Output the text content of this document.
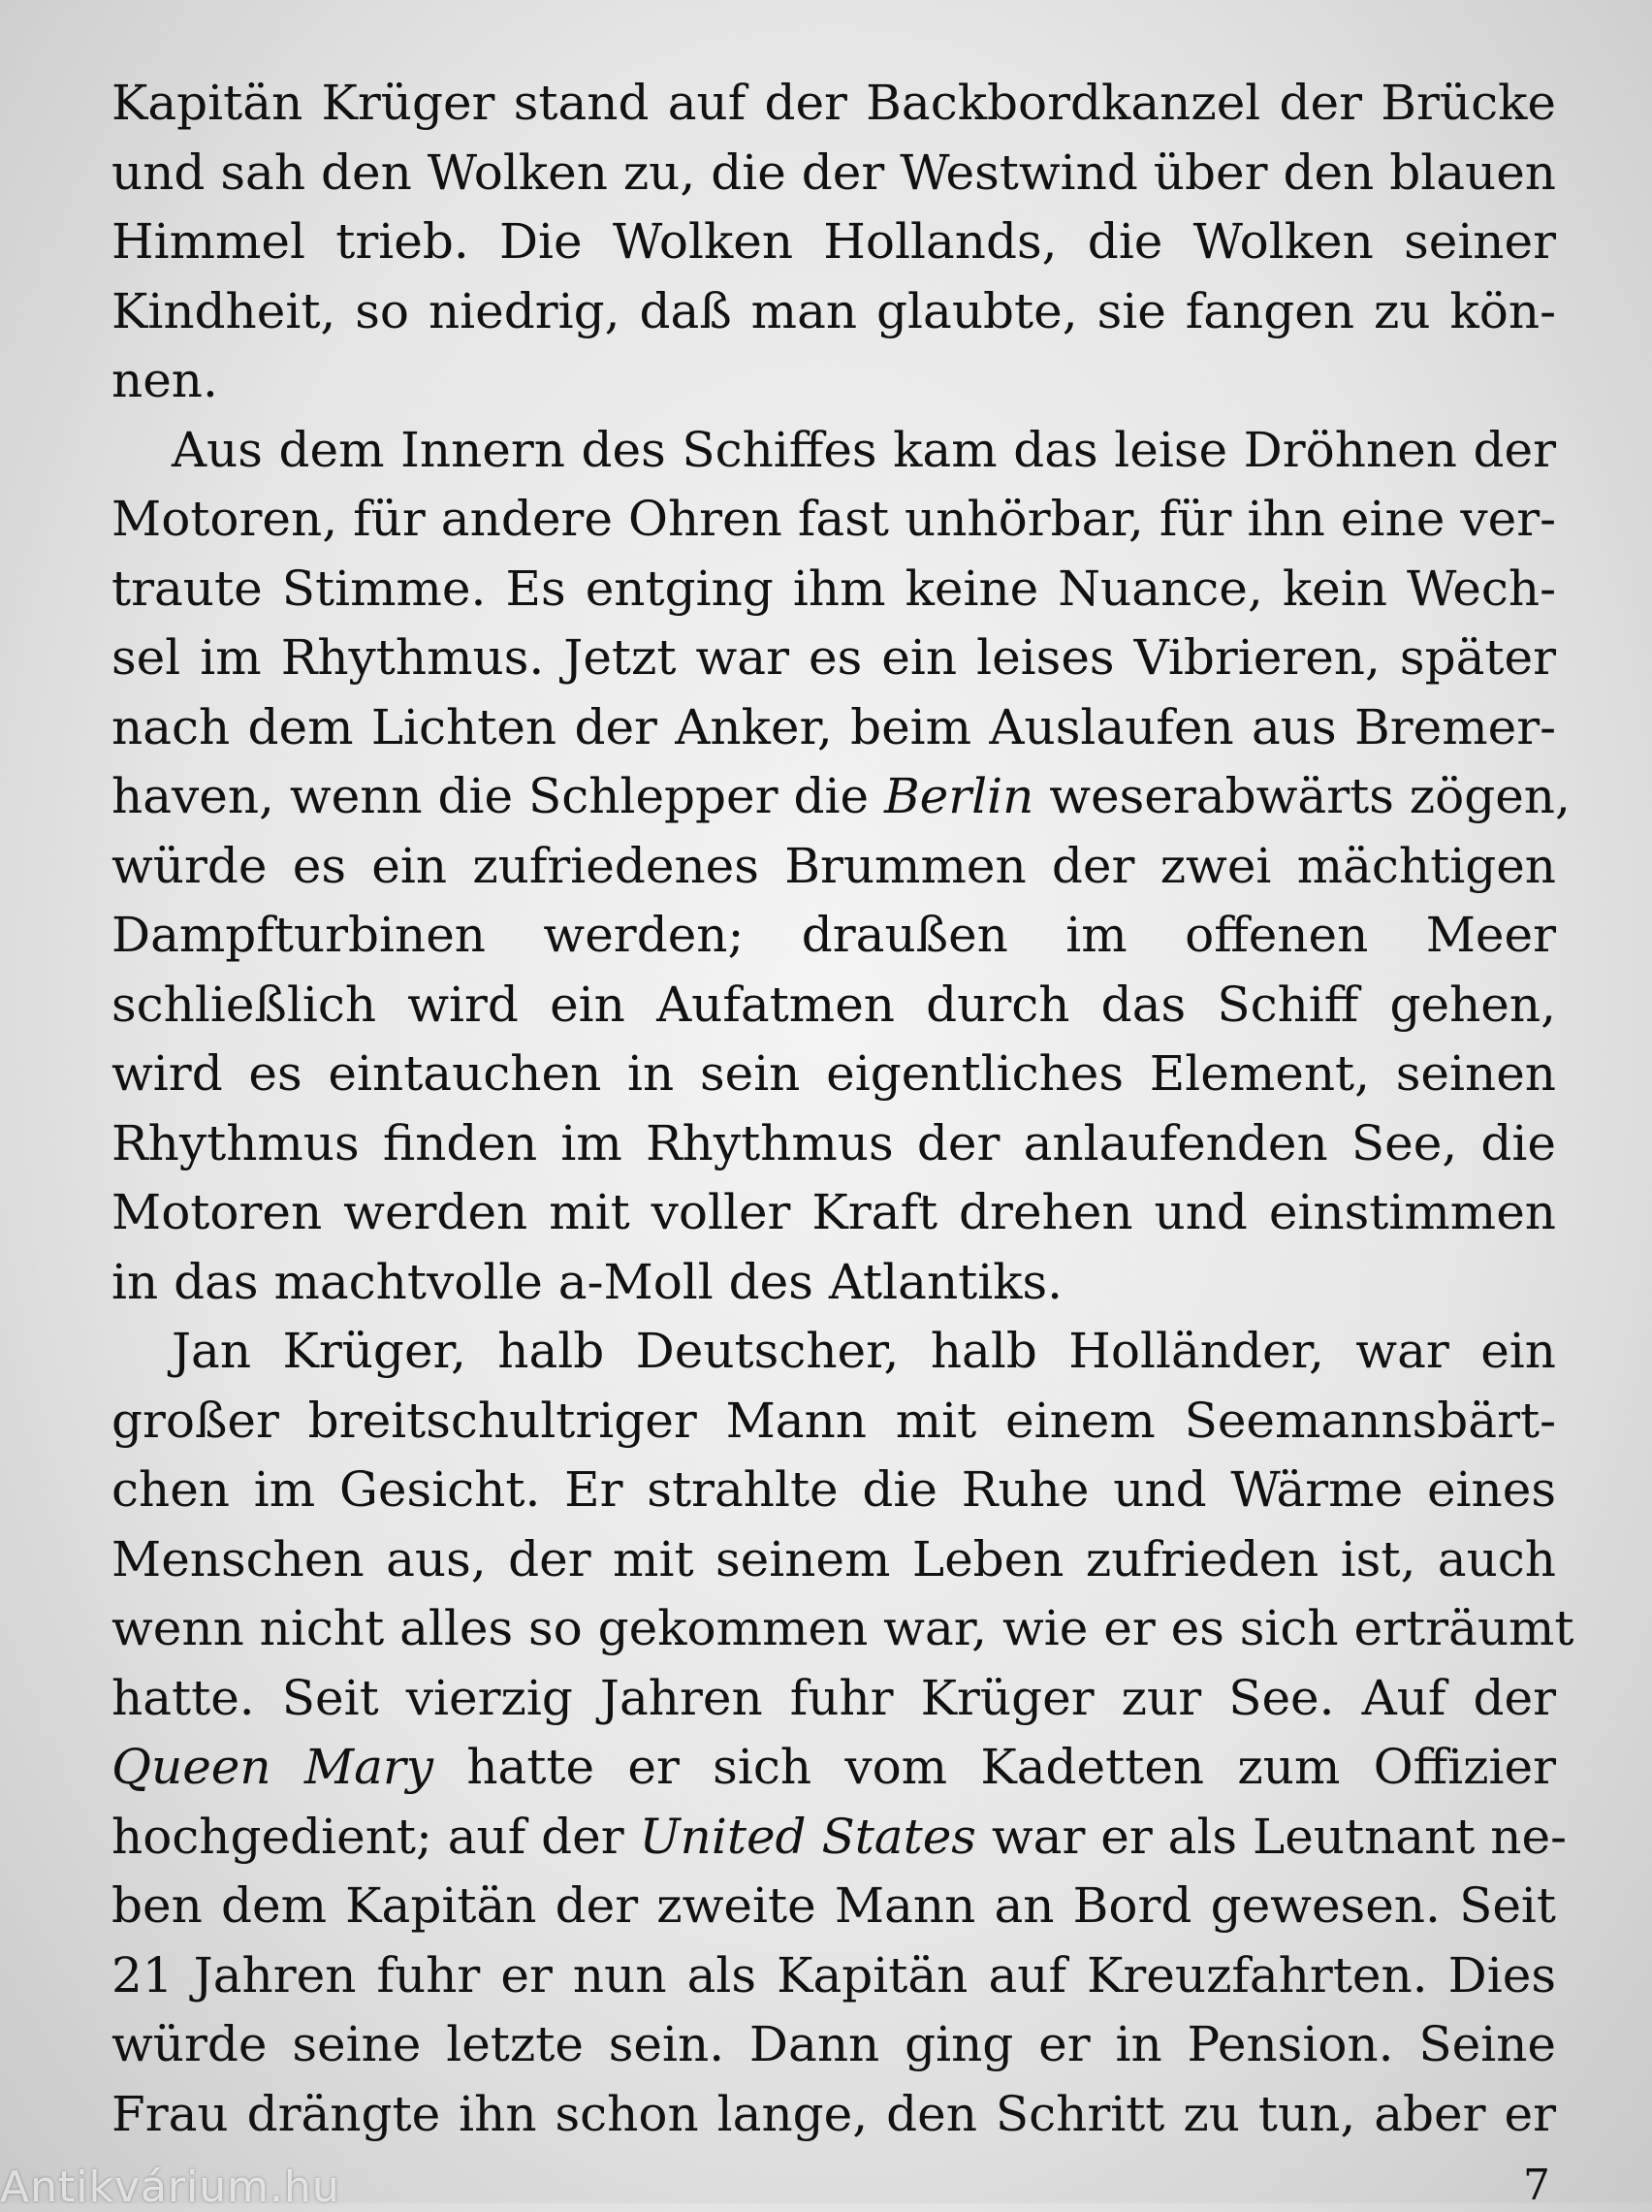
Kapitän Krüger stand auf der Backbordkanzel der Brücke
und sah den Wolken zu, die der Westwind über den blauen
Himmel trieb. Die Wolken Hollands, die Wolken seiner
Kindheit, so niedrig, daß man glaubte, sie fangen zu kön-
nen.
Aus dem Innern des Schiffes kam das leise Dröhnen der
Motoren, für andere Ohren fast unhörbar, für ihn eine ver-
traute Stimme. Es entging ihm keine Nuance, kein Wech-
sel im Rhythmus. Jetzt war es ein leises Vibrieren, später
nach dem Lichten der Anker, beim Auslaufen aus Bremer-
haven, wenn die Schlepper die Berlin weserabwärts zögen,
würde es ein zufriedenes Brummen der zwei mächtigen
Dampfturbinen werden; draußen im offenen Meer
schließlich wird ein Aufatmen durch das Schiff gehen,
wird es eintauchen in sein eigentliches Element, seinen
Rhythmus finden im Rhythmus der anlaufenden See, die
Motoren werden mit voller Kraft drehen und einstimmen
in das machtvolle a-Moll des Atlantiks.
Jan Krüger, halb Deutscher, halb Holländer, war ein
großer breitschultriger Mann mit einem Seemannsbärt-
chen im Gesicht. Er strahlte die Ruhe und Wärme eines
Menschen aus, der mit seinem Leben zufrieden ist, auch
wenn nicht alles so gekommen war, wie er es sich erträumt
hatte. Seit vierzig Jahren fuhr Krüger zur See. Auf der
Queen Mary hatte er sich vom Kadetten zum Offizier
hochgedient; auf der United States war er als Leutnant ne-
ben dem Kapitän der zweite Mann an Bord gewesen. Seit
21 Jahren fuhr er nun als Kapitän auf Kreuzfahrten. Dies
würde seine letzte sein. Dann ging er in Pension. Seine
Frau drängte ihn schon lange, den Schritt zu tun, aber er
Antikvárium.hu	7
